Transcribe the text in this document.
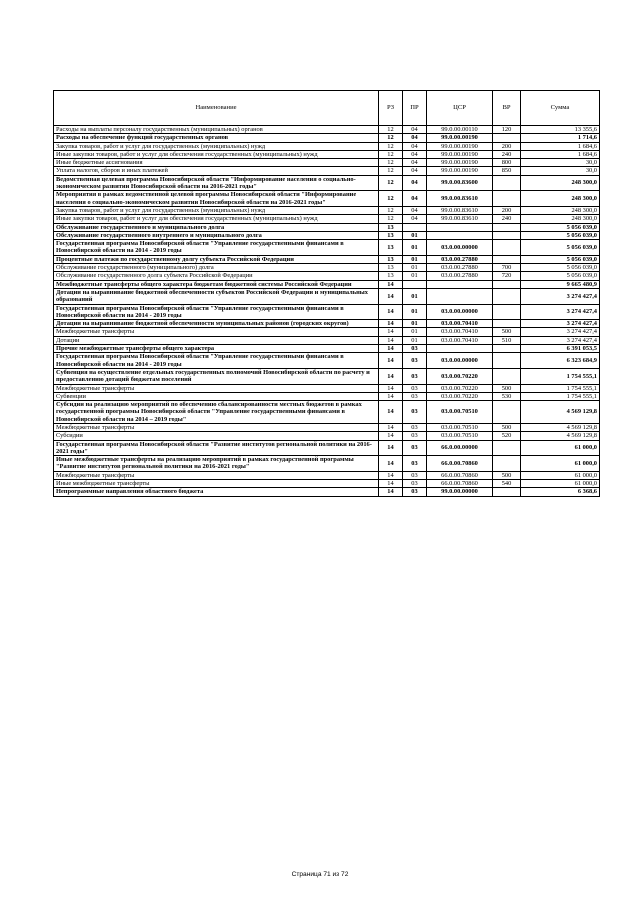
Наименование	РЗ	ПР	ЦСР	ВР	Сумма
Расходы на выплаты персоналу государственных (муниципальных) органов	12	04	99.0.00.00110	120	13 355,6
Расходы на обеспечение функций государственных органов	12	04	99.0.00.00190		1 714,6
Закупка товаров, работ и услуг для государственных (муниципальных) нужд	12	04	99.0.00.00190	200	1 684,6
Иные закупки товаров, работ и услуг для обеспечения государственных (муниципальных) нужд	12	04	99.0.00.00190	240	1 684,6
Иные бюджетные ассигнования	12	04	99.0.00.00190	800	30,0
Уплата налогов, сборов и иных платежей	12	04	99.0.00.00190	850	30,0
Ведомственная целевая программа Новосибирской области "Информирование населения о социально-экономическом развитии Новосибирской области на 2016-2021 годы"	12	04	99.0.00.83600		248 300,0
Мероприятия в рамках ведомственной целевой программы Новосибирской области "Информирование населения о социально-экономическом развитии Новосибирской области на 2016-2021 годы"	12	04	99.0.00.83610		248 300,0
Закупка товаров, работ и услуг для государственных (муниципальных) нужд	12	04	99.0.00.83610	200	248 300,0
Иные закупки товаров, работ и услуг для обеспечения государственных (муниципальных) нужд	12	04	99.0.00.83610	240	248 300,0
Обслуживание государственного и муниципального долга	13				5 056 039,0
Обслуживание государственного внутреннего и муниципального долга	13	01			5 056 039,0
Государственная программа Новосибирской области "Управление государственными финансами в Новосибирской области на 2014 - 2019 годы	13	01	03.0.00.00000		5 056 039,0
Процентные платежи по государственному долгу субъекта Российской Федерации	13	01	03.0.00.27880		5 056 039,0
Обслуживание государственного (муниципального) долга	13	01	03.0.00.27880	700	5 056 039,0
Обслуживание государственного долга субъекта Российской Федерации	13	01	03.0.00.27880	720	5 056 039,0
Межбюджетные трансферты общего характера бюджетам бюджетной системы Российской Федерации	14				9 665 480,9
Дотации на выравнивание бюджетной обеспеченности субъектов Российской Федерации и муниципальных образований	14	01			3 274 427,4
Государственная программа Новосибирской области "Управление государственными финансами в Новосибирской области на 2014 - 2019 годы	14	01	03.0.00.00000		3 274 427,4
Дотации на выравнивание бюджетной обеспеченности муниципальных районов (городских округов)	14	01	03.0.00.70410		3 274 427,4
Межбюджетные трансферты	14	01	03.0.00.70410	500	3 274 427,4
Дотации	14	01	03.0.00.70410	510	3 274 427,4
Прочие межбюджетные трансферты общего характера	14	03			6 391 053,5
Государственная программа Новосибирской области "Управление государственными финансами в Новосибирской области на 2014 - 2019 годы	14	03	03.0.00.00000		6 323 684,9
Субвенция на осуществление отдельных государственных полномочий Новосибирской области по расчету и предоставлению дотаций бюджетам поселений	14	03	03.0.00.70220		1 754 555,1
Межбюджетные трансферты	14	03	03.0.00.70220	500	1 754 555,1
Субвенции	14	03	03.0.00.70220	530	1 754 555,1
Субсидии на реализацию мероприятий по обеспечению сбалансированности местных бюджетов в рамках государственной программы Новосибирской области "Управление государственными финансами в Новосибирской области на 2014 – 2019 годы"	14	03	03.0.00.70510		4 569 129,8
Межбюджетные трансферты	14	03	03.0.00.70510	500	4 569 129,8
Субсидии	14	03	03.0.00.70510	520	4 569 129,8
Государственная программа Новосибирской области "Развитие институтов региональной политики на 2016-2021 годы"	14	03	66.0.00.00000		61 000,0
Иные межбюджетные трансферты на реализацию мероприятий в рамках государственной программы "Развитие институтов региональной политики на 2016-2021 годы"	14	03	66.0.00.70860		61 000,0
Межбюджетные трансферты	14	03	66.0.00.70860	500	61 000,0
Иные межбюджетные трансферты	14	03	66.0.00.70860	540	61 000,0
Непрограммные направления областного бюджета	14	03	99.0.00.00000		6 368,6
Страница 71 из 72
